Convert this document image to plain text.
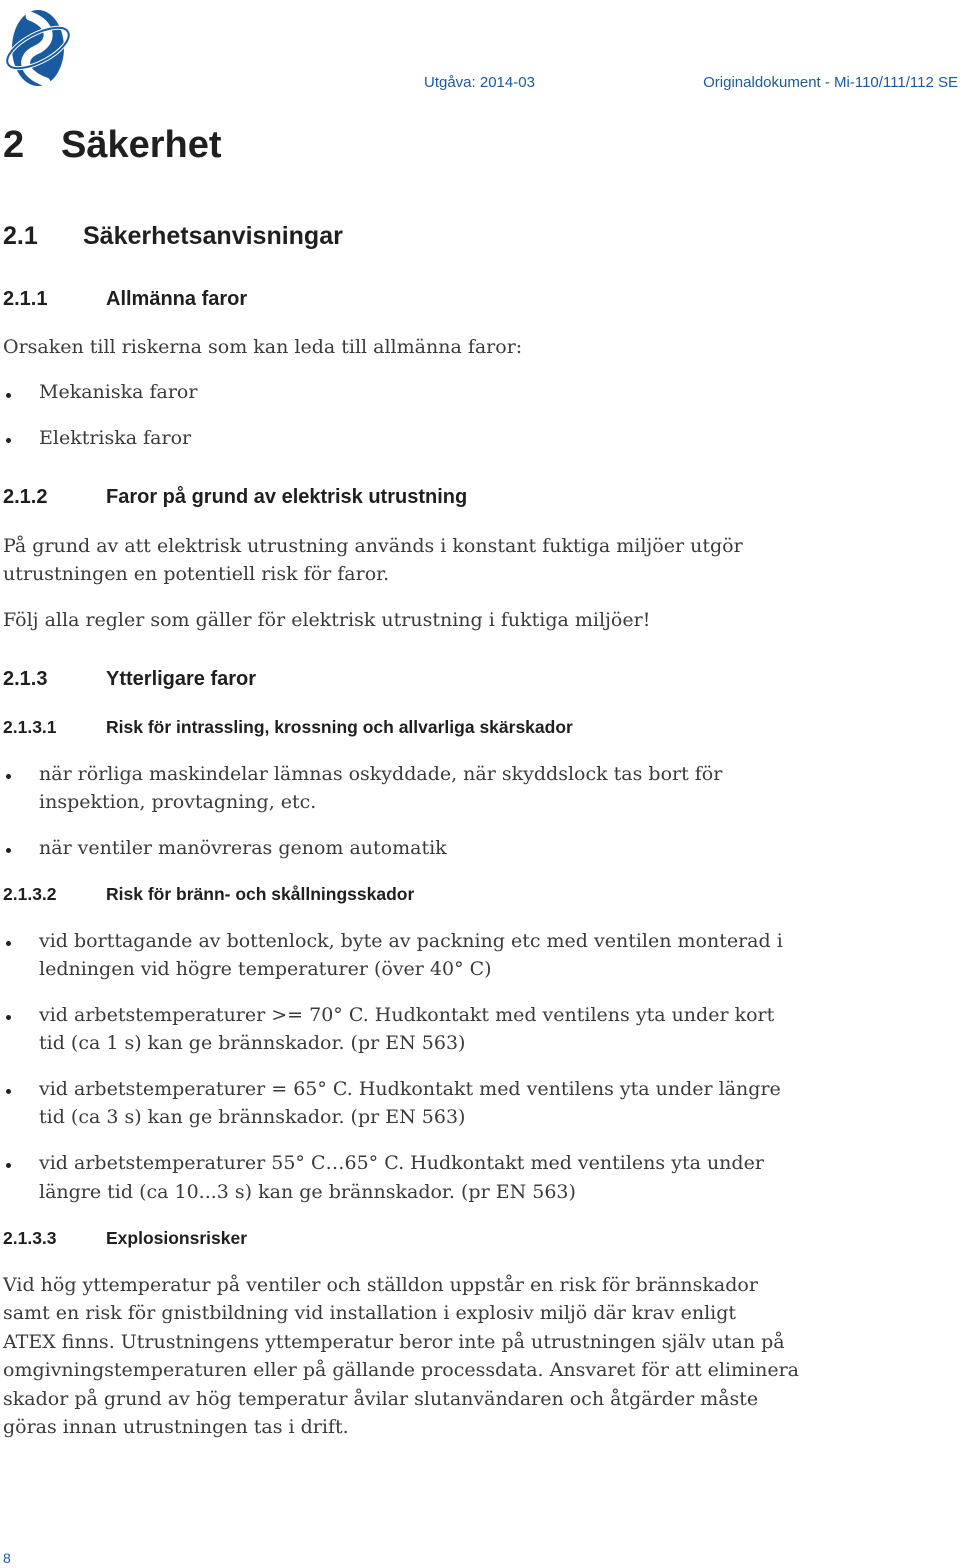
Utgåva: 2014-03	Originaldokument - Mi-110/111/112 SE
2 Säkerhet
2.1 Säkerhetsanvisningar
2.1.1	Allmänna faror
Orsaken till riskerna som kan leda till allmänna faror:
Mekaniska faror
Elektriska faror
2.1.2	Faror på grund av elektrisk utrustning
På grund av att elektrisk utrustning används i konstant fuktiga miljöer utgör
utrustningen en potentiell risk för faror.
Följ alla regler som gäller för elektrisk utrustning i fuktiga miljöer!
2.1.3	Ytterligare faror
2.1.3.1	Risk för intrassling, krossning och allvarliga skärskador
när rörliga maskindelar lämnas oskyddade, när skyddslock tas bort för
inspektion, provtagning, etc.
när ventiler manövreras genom automatik
2.1.3.2	Risk för bränn- och skållningsskador
vid borttagande av bottenlock, byte av packning etc med ventilen monterad i
ledningen vid högre temperaturer (över 40° C)
vid arbetstemperaturer >= 70° C. Hudkontakt med ventilens yta under kort
tid (ca 1 s) kan ge brännskador. (pr EN 563)
vid arbetstemperaturer = 65° C. Hudkontakt med ventilens yta under längre
tid (ca 3 s) kan ge brännskador. (pr EN 563)
vid arbetstemperaturer 55° C…65° C. Hudkontakt med ventilens yta under
längre tid (ca 10...3 s) kan ge brännskador. (pr EN 563)
2.1.3.3	Explosionsrisker
Vid hög yttemperatur på ventiler och ställdon uppstår en risk för brännskador
samt en risk för gnistbildning vid installation i explosiv miljö där krav enligt
ATEX finns. Utrustningens yttemperatur beror inte på utrustningen själv utan på
omgivningstemperaturen eller på gällande processdata. Ansvaret för att eliminera
skador på grund av hög temperatur åvilar slutanvändaren och åtgärder måste
göras innan utrustningen tas i drift.
8
